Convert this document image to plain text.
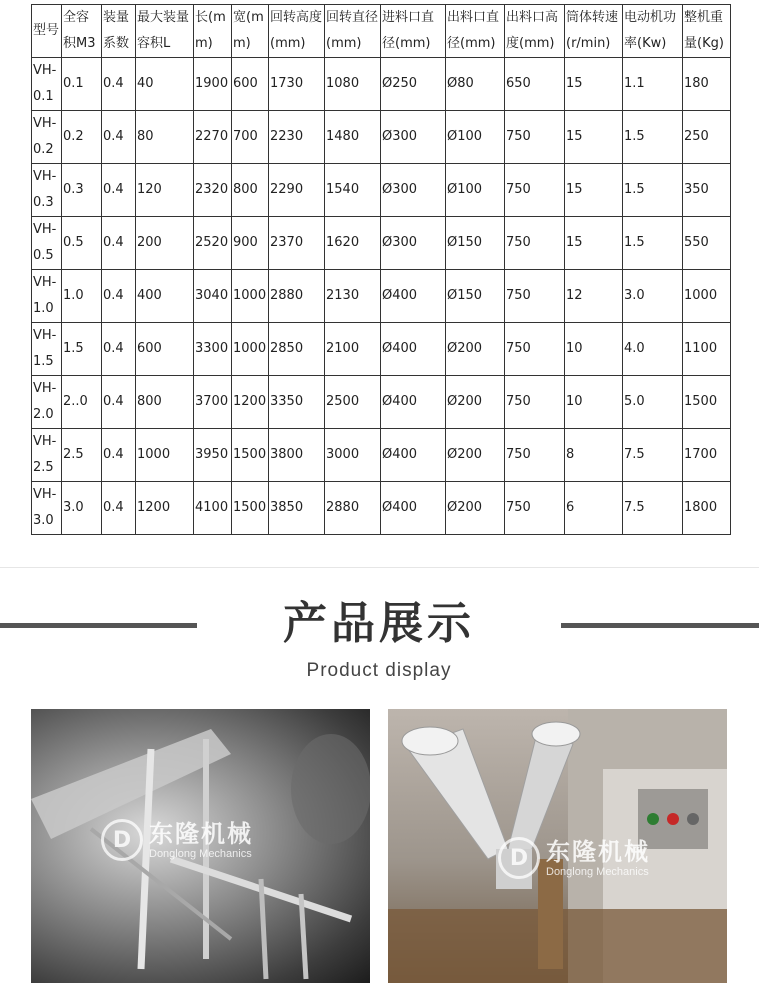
型号	全容积M3	装量系数	最大装量容积L	长(mm)	宽(mm)	回转高度(mm)	回转直径(mm)	进料口直径(mm)	出料口直径(mm)	出料口高度(mm)	筒体转速(r/min)	电动机功率(Kw)	整机重量(Kg)
VH-0.1	0.1	0.4	40	1900	600	1730	1080	Ø250	Ø80	650	15	1.1	180
VH-0.2	0.2	0.4	80	2270	700	2230	1480	Ø300	Ø100	750	15	1.5	250
VH-0.3	0.3	0.4	120	2320	800	2290	1540	Ø300	Ø100	750	15	1.5	350
VH-0.5	0.5	0.4	200	2520	900	2370	1620	Ø300	Ø150	750	15	1.5	550
VH-1.0	1.0	0.4	400	3040	1000	2880	2130	Ø400	Ø150	750	12	3.0	1000
VH-1.5	1.5	0.4	600	3300	1000	2850	2100	Ø400	Ø200	750	10	4.0	1100
VH-2.0	2..0	0.4	800	3700	1200	3350	2500	Ø400	Ø200	750	10	5.0	1500
VH-2.5	2.5	0.4	1000	3950	1500	3800	3000	Ø400	Ø200	750	8	7.5	1700
VH-3.0	3.0	0.4	1200	4100	1500	3850	2880	Ø400	Ø200	750	6	7.5	1800
产品展示
Product display
D 东隆机械
Donglong Mechanics	D 东隆机械
Donglong Mechanics
